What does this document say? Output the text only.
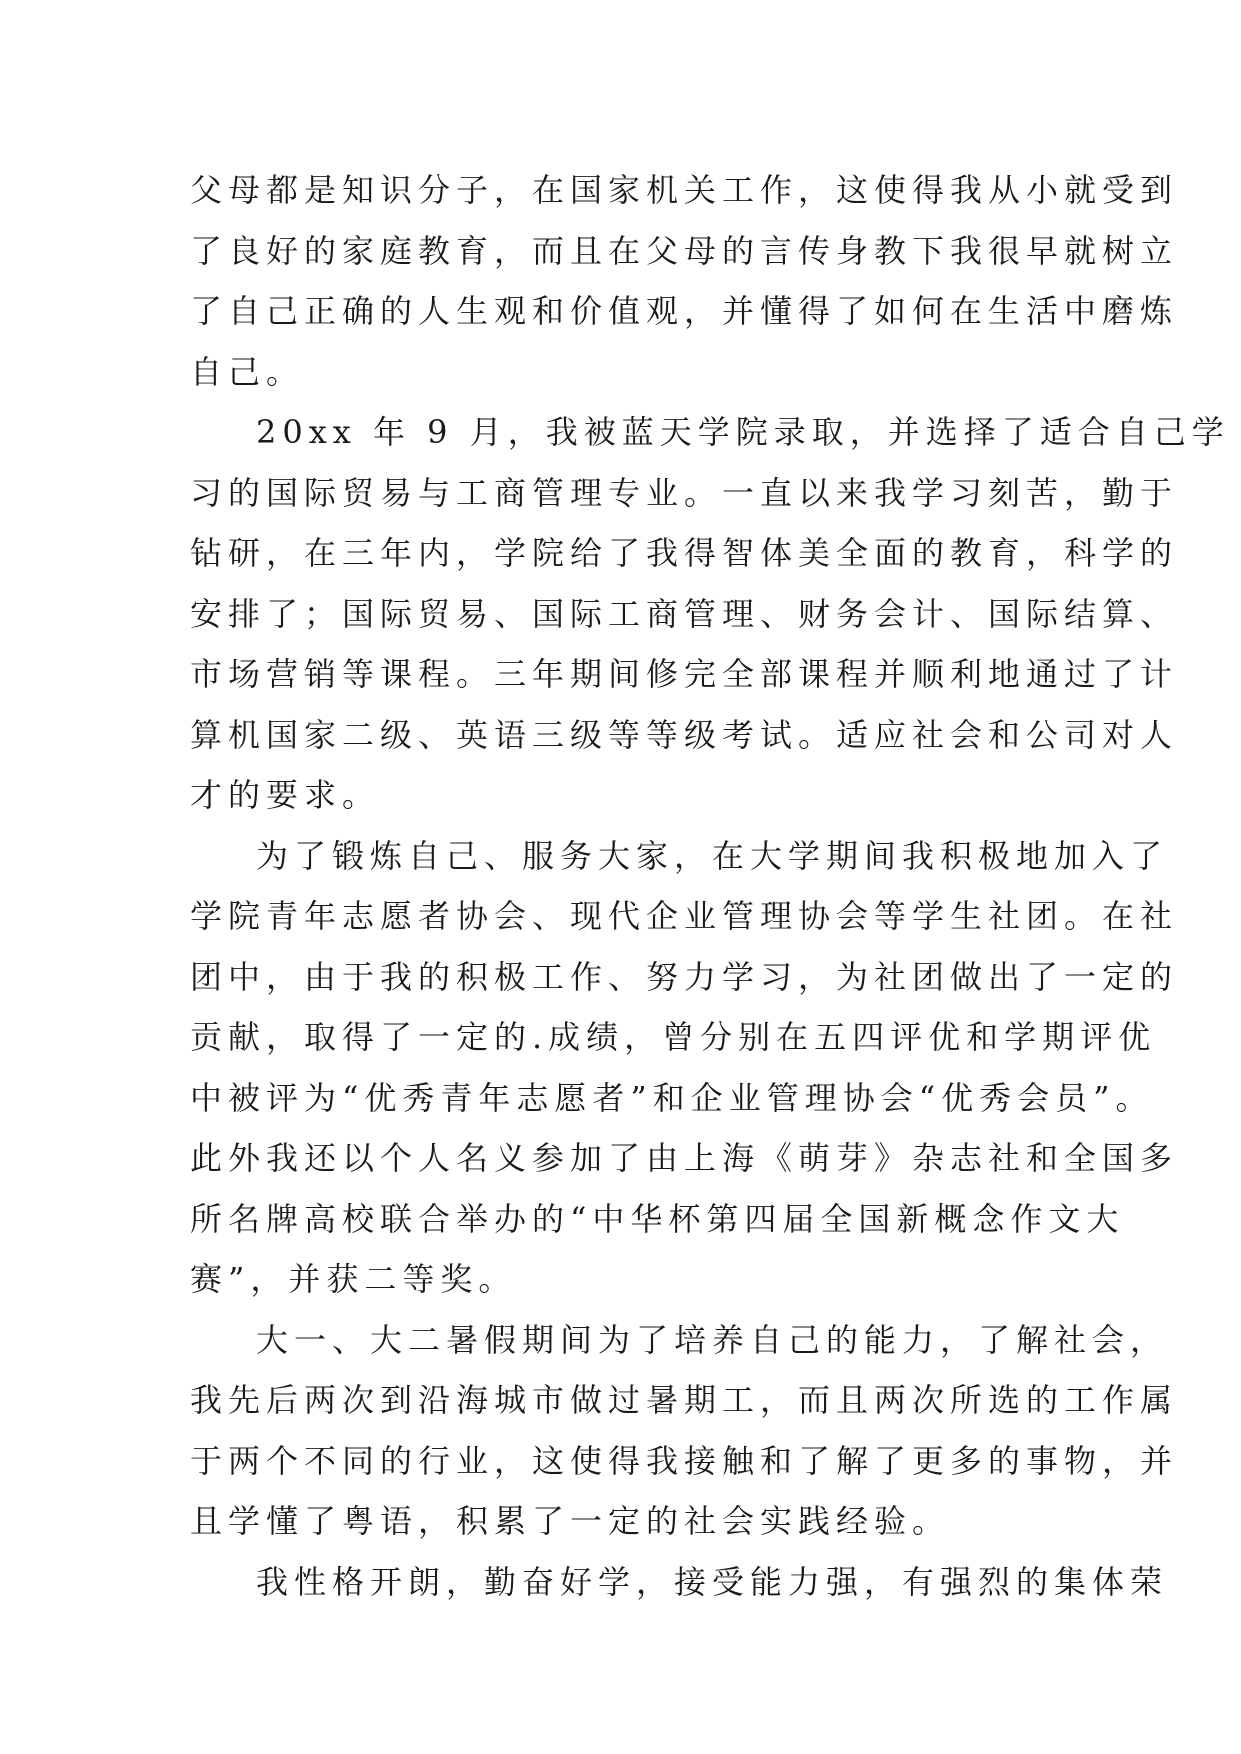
父母都是知识分子，在国家机关工作，这使得我从小就受到
了良好的家庭教育，而且在父母的言传身教下我很早就树立
了自己正确的人生观和价值观，并懂得了如何在生活中磨炼
自己。
20xx 年 9 月，我被蓝天学院录取，并选择了适合自己学
习的国际贸易与工商管理专业。一直以来我学习刻苦，勤于
钻研，在三年内，学院给了我得智体美全面的教育，科学的
安排了；国际贸易、国际工商管理、财务会计、国际结算、
市场营销等课程。三年期间修完全部课程并顺利地通过了计
算机国家二级、英语三级等等级考试。适应社会和公司对人
才的要求。
为了锻炼自己、服务大家，在大学期间我积极地加入了
学院青年志愿者协会、现代企业管理协会等学生社团。在社
团中，由于我的积极工作、努力学习，为社团做出了一定的
贡献，取得了一定的.成绩，曾分别在五四评优和学期评优
中被评为“优秀青年志愿者”和企业管理协会“优秀会员”。
此外我还以个人名义参加了由上海《萌芽》杂志社和全国多
所名牌高校联合举办的“中华杯第四届全国新概念作文大
赛”，并获二等奖。
大一、大二暑假期间为了培养自己的能力，了解社会，
我先后两次到沿海城市做过暑期工，而且两次所选的工作属
于两个不同的行业，这使得我接触和了解了更多的事物，并
且学懂了粤语，积累了一定的社会实践经验。
我性格开朗，勤奋好学，接受能力强，有强烈的集体荣
